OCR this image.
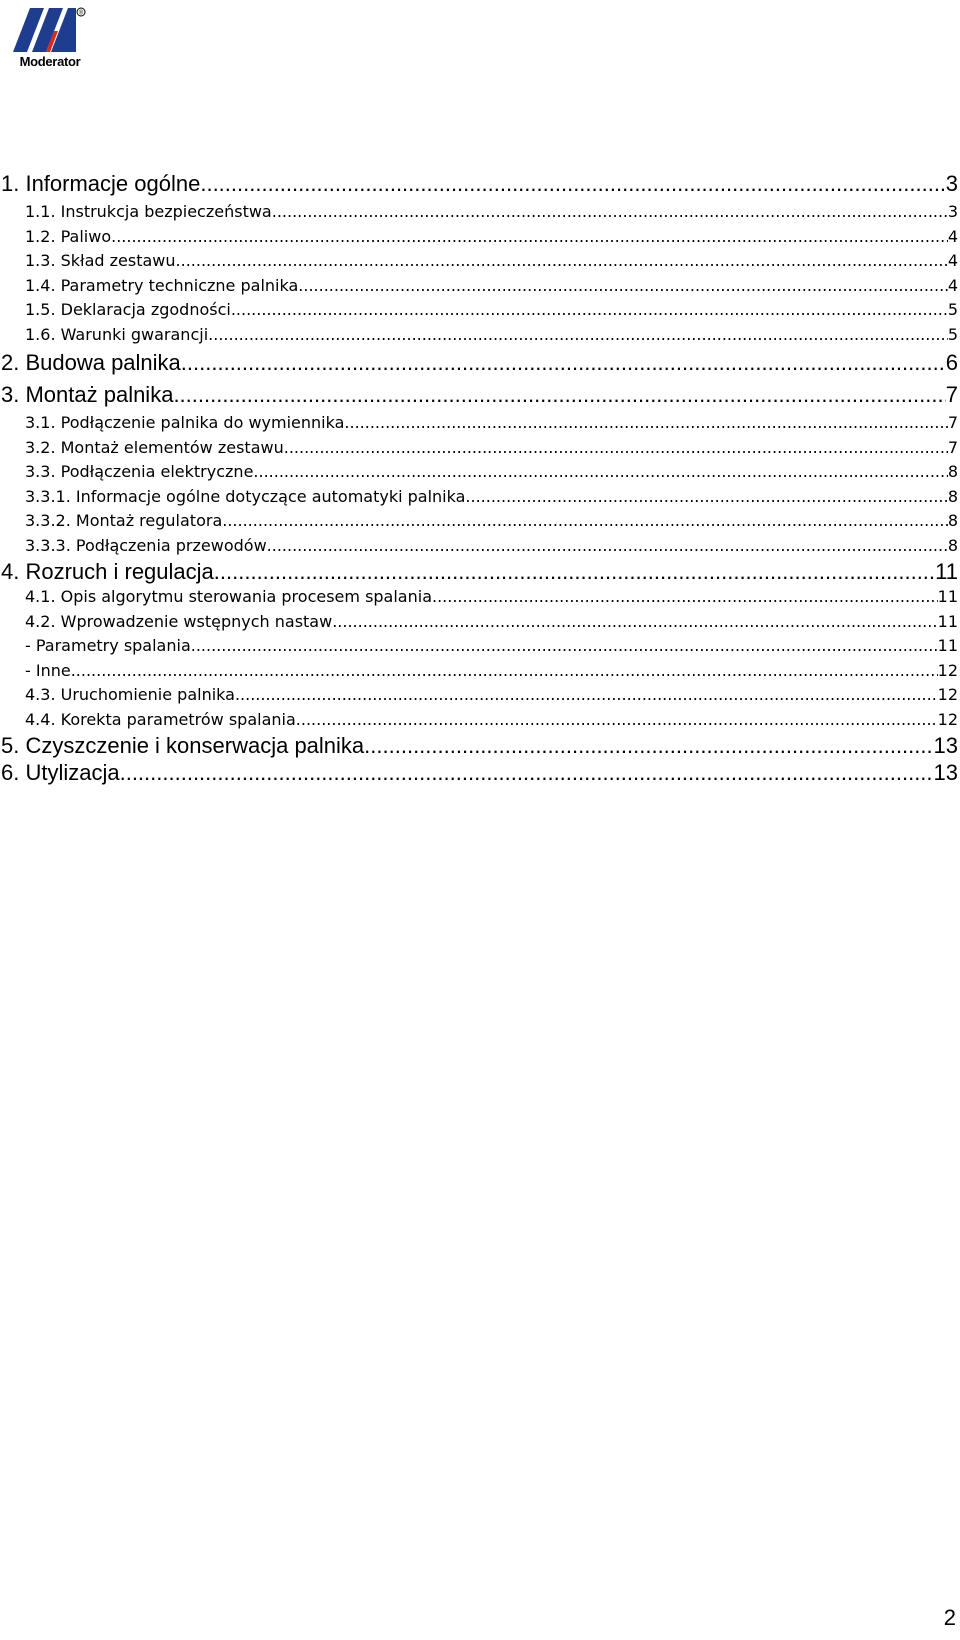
®
Moderator
1. Informacje ogólne .....	3
1.1. Instrukcja bezpieczeństwa .....	3
1.2. Paliwo .....	4
1.3. Skład zestawu .....	4
1.4. Parametry techniczne palnika .....	4
1.5. Deklaracja zgodności .....	5
1.6. Warunki gwarancji .....	5
2. Budowa palnika .....	6
3. Montaż palnika .....	7
3.1. Podłączenie palnika do wymiennika .....	7
3.2. Montaż elementów zestawu .....	7
3.3. Podłączenia elektryczne .....	8
3.3.1. Informacje ogólne dotyczące automatyki palnika .....	8
3.3.2. Montaż regulatora .....	8
3.3.3. Podłączenia przewodów .....	8
4. Rozruch i regulacja .....	11
4.1. Opis algorytmu sterowania procesem spalania .....	11
4.2. Wprowadzenie wstępnych nastaw .....	11
- Parametry spalania .....	11
- Inne .....	12
4.3. Uruchomienie palnika .....	12
4.4. Korekta parametrów spalania .....	12
5. Czyszczenie i konserwacja palnika .....	13
6. Utylizacja .....	13
2
